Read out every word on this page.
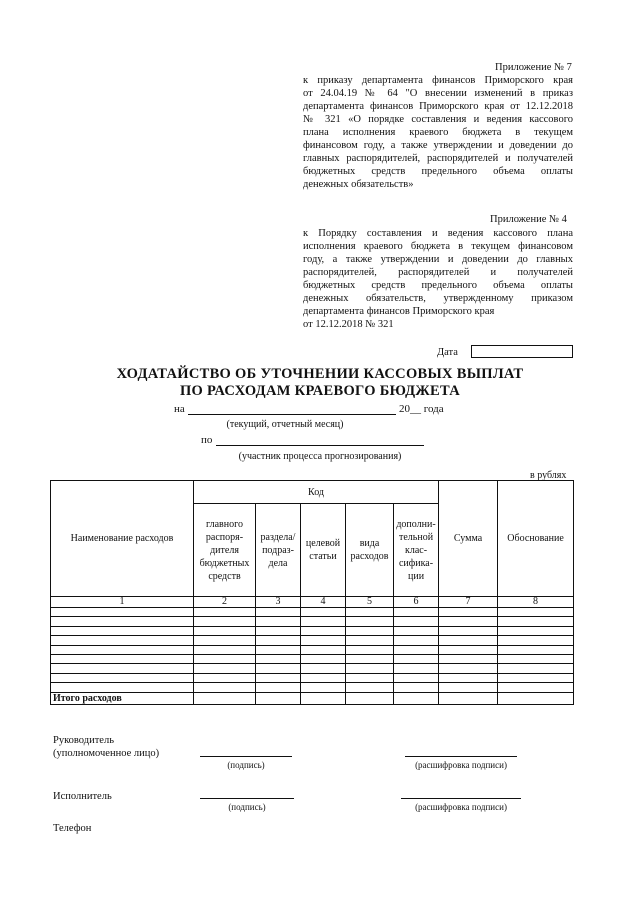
Приложение № 7
к приказу департамента финансов Приморского края
от 24.04.19 № 64 "О внесении изменений в приказ
департамента финансов Приморского края от 12.12.2018
№ 321 «О порядке составления и ведения кассового
плана исполнения краевого бюджета в текущем
финансовом году, а также утверждении и доведении до
главных распорядителей, распорядителей и получателей
бюджетных средств предельного объема оплаты
денежных обязательств»
Приложение № 4
к Порядку составления и ведения кассового плана
исполнения краевого бюджета в текущем финансовом
году, а также утверждении и доведении до главных
распорядителей, распорядителей и получателей
бюджетных средств предельного объема оплаты
денежных обязательств, утвержденному приказом
департамента финансов Приморского края
от 12.12.2018 № 321
Дата
ХОДАТАЙСТВО ОБ УТОЧНЕНИИ КАССОВЫХ ВЫПЛАТ
ПО РАСХОДАМ КРАЕВОГО БЮДЖЕТА
на	20__ года
(текущий, отчетный месяц)
по
(участник процесса прогнозирования)
в рублях
Наименование расходов	Код					Сумма	Обоснование
	главного распоря-дителя бюджетных средств	раздела/ подраз-дела	целевой статьи	вида расходов	дополни-тельной клас-сифика-ции		
1	2	3	4	5	6	7	8

Итого расходов							
Руководитель (уполномоченное лицо)
(подпись)	(расшифровка подписи)
Исполнитель
(подпись)	(расшифровка подписи)
Телефон
